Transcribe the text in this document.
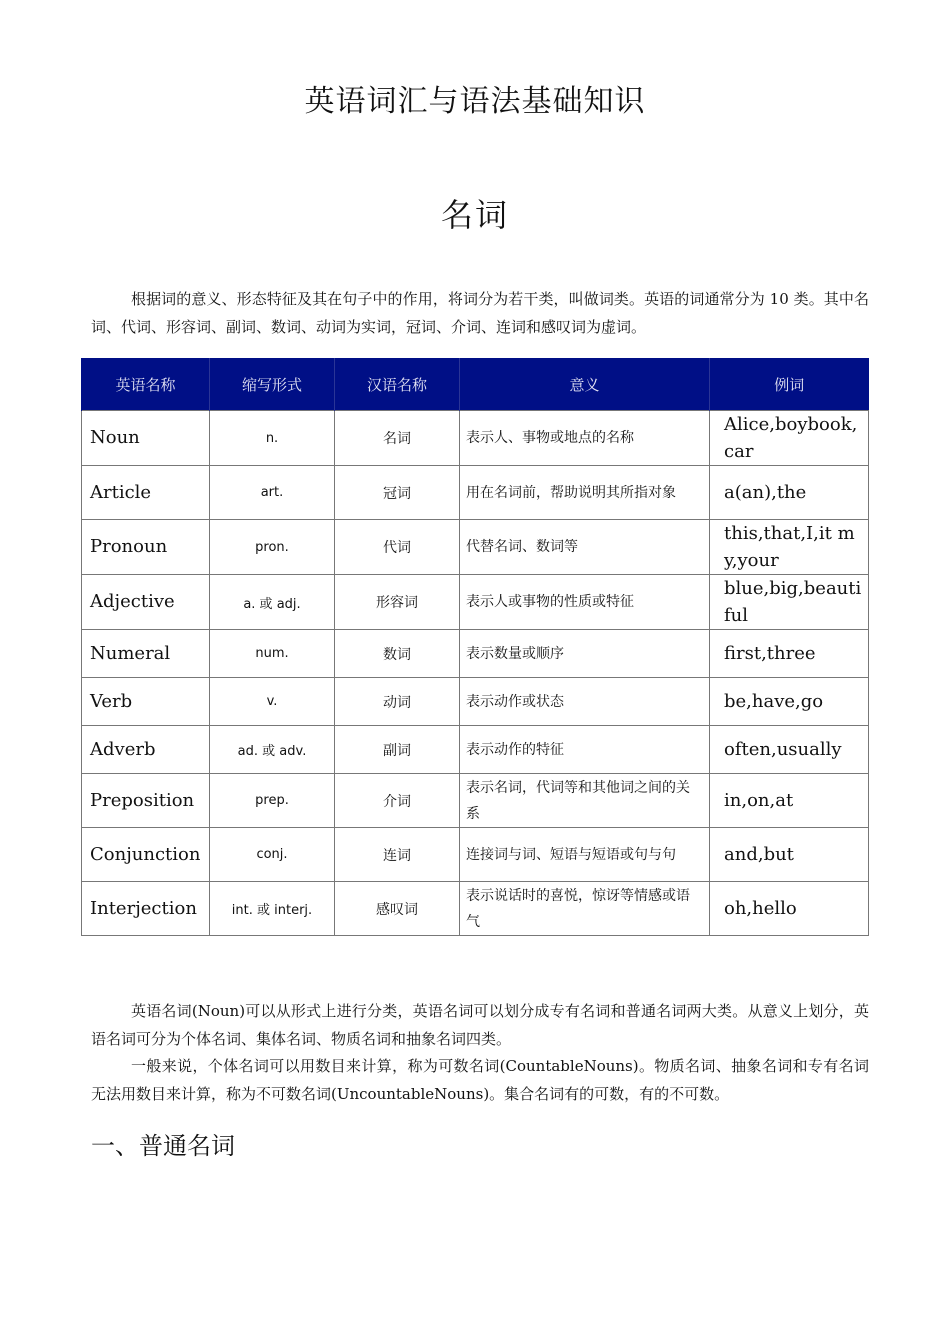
英语词汇与语法基础知识
名词

根据词的意义、形态特征及其在句子中的作用，将词分为若干类，叫做词类。英语的词通常分为 10 类。其中名词、代词、形容词、副词、数词、动词为实词，冠词、介词、连词和感叹词为虚词。

英语名称	缩写形式	汉语名称	意义	例词
Noun	n.	名词	表示人、事物或地点的名称	Alice,boybook,car
Article	art.	冠词	用在名词前，帮助说明其所指对象	a(an),the
Pronoun	pron.	代词	代替名词、数词等	this,that,I,it my,your
Adjective	a. 或 adj.	形容词	表示人或事物的性质或特征	blue,big,beautiful
Numeral	num.	数词	表示数量或顺序	first,three
Verb	v.	动词	表示动作或状态	be,have,go
Adverb	ad. 或 adv.	副词	表示动作的特征	often,usually
Preposition	prep.	介词	表示名词，代词等和其他词之间的关系	in,on,at
Conjunction	conj.	连词	连接词与词、短语与短语或句与句	and,but
Interjection	int. 或 interj.	感叹词	表示说话时的喜悦，惊讶等情感或语气	oh,hello

英语名词(Noun)可以从形式上进行分类，英语名词可以划分成专有名词和普通名词两大类。从意义上划分，英语名词可分为个体名词、集体名词、物质名词和抽象名词四类。

一般来说，个体名词可以用数目来计算，称为可数名词(CountableNouns)。物质名词、抽象名词和专有名词无法用数目来计算，称为不可数名词(UncountableNouns)。集合名词有的可数，有的不可数。

一、普通名词
